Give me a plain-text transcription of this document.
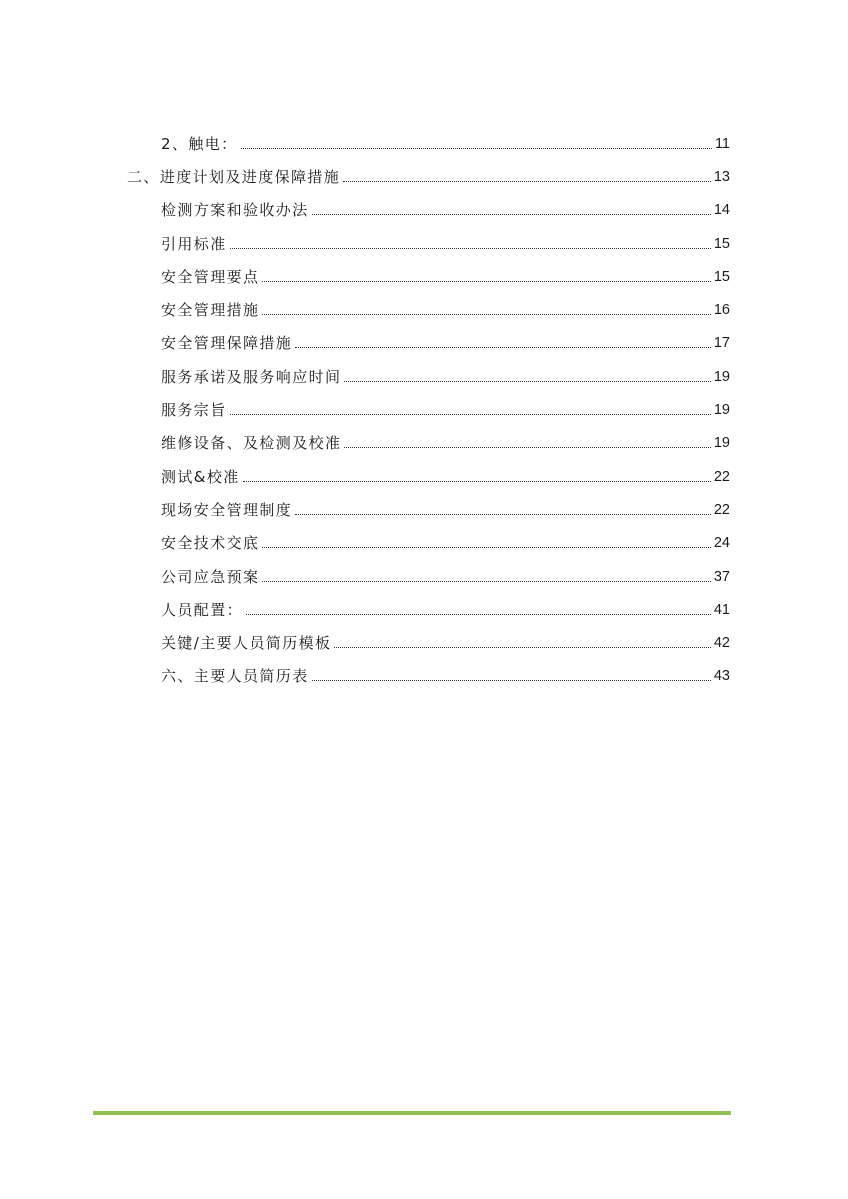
2、触电：	11
二、进度计划及进度保障措施	13
检测方案和验收办法	14
引用标准	15
安全管理要点	15
安全管理措施	16
安全管理保障措施	17
服务承诺及服务响应时间	19
服务宗旨	19
维修设备、及检测及校准	19
测试&校准	22
现场安全管理制度	22
安全技术交底	24
公司应急预案	37
人员配置：	41
关键/主要人员简历模板	42
六、主要人员简历表	43
